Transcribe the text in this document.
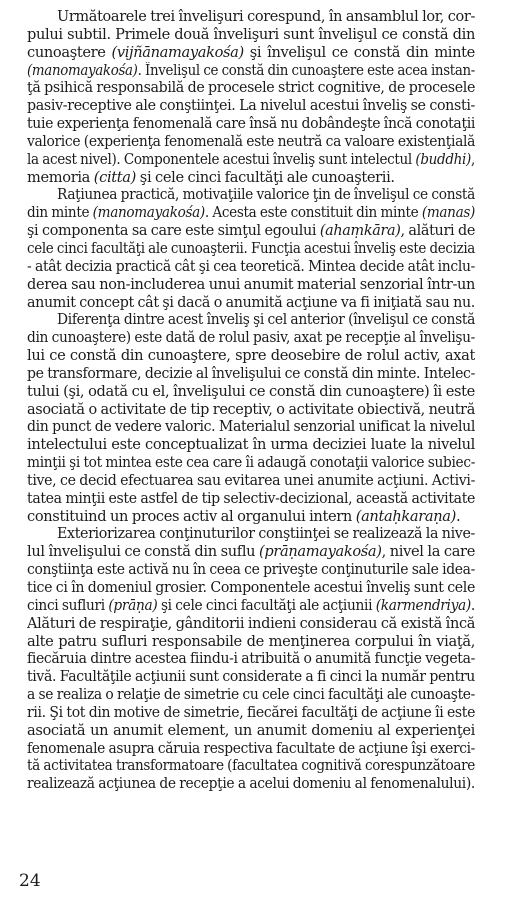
Următoarele trei învelişuri corespund, în ansamblul lor, cor-
pului subtil. Primele două învelişuri sunt învelişul ce constă din
cunoaştere (vijñānamayakośa) şi învelişul ce constă din minte
(manomayakośa). Învelişul ce constă din cunoaştere este acea instan-
ţă psihică responsabilă de procesele strict cognitive, de procesele
pasiv-receptive ale conştiinţei. La nivelul acestui înveliş se consti-
tuie experienţa fenomenală care însă nu dobândeşte încă conotaţii
valorice (experienţa fenomenală este neutră ca valoare existenţială
la acest nivel). Componentele acestui înveliş sunt intelectul (buddhi),
memoria (citta) şi cele cinci facultăţi ale cunoaşterii.
Raţiunea practică, motivaţiile valorice ţin de învelişul ce constă
din minte (manomayakośa). Acesta este constituit din minte (manas)
şi componenta sa care este simţul egoului (ahaṃkāra), alături de
cele cinci facultăţi ale cunoaşterii. Funcţia acestui înveliş este decizia
- atât decizia practică cât şi cea teoretică. Mintea decide atât inclu-
derea sau non-includerea unui anumit material senzorial într-un
anumit concept cât şi dacă o anumită acţiune va fi iniţiată sau nu.
Diferenţa dintre acest înveliş şi cel anterior (învelişul ce constă
din cunoaştere) este dată de rolul pasiv, axat pe recepţie al învelişu-
lui ce constă din cunoaştere, spre deosebire de rolul activ, axat
pe transformare, decizie al învelişului ce constă din minte. Intelec-
tului (şi, odată cu el, învelişului ce constă din cunoaştere) îi este
asociată o activitate de tip receptiv, o activitate obiectivă, neutră
din punct de vedere valoric. Materialul senzorial unificat la nivelul
intelectului este conceptualizat în urma deciziei luate la nivelul
minţii şi tot mintea este cea care îi adaugă conotaţii valorice subiec-
tive, ce decid efectuarea sau evitarea unei anumite acţiuni. Activi-
tatea minţii este astfel de tip selectiv-decizional, această activitate
constituind un proces activ al organului intern (antaḥkaraṇa).
Exteriorizarea conţinuturilor conştiinţei se realizează la nive-
lul învelişului ce constă din suflu (prāṇamayakośa), nivel la care
conştiinţa este activă nu în ceea ce priveşte conţinuturile sale idea-
tice ci în domeniul grosier. Componentele acestui înveliş sunt cele
cinci sufluri (prāṇa) şi cele cinci facultăţi ale acţiunii (karmendriya).
Alături de respiraţie, gânditorii indieni considerau că există încă
alte patru sufluri responsabile de menţinerea corpului în viaţă,
fiecăruia dintre acestea fiindu-i atribuită o anumită funcţie vegeta-
tivă. Facultăţile acţiunii sunt considerate a fi cinci la număr pentru
a se realiza o relaţie de simetrie cu cele cinci facultăţi ale cunoaşte-
rii. Şi tot din motive de simetrie, fiecărei facultăţi de acţiune îi este
asociată un anumit element, un anumit domeniu al experienţei
fenomenale asupra căruia respectiva facultate de acţiune îşi exerci-
tă activitatea transformatoare (facultatea cognitivă corespunzătoare
realizează acţiunea de recepţie a acelui domeniu al fenomenalului).
24
